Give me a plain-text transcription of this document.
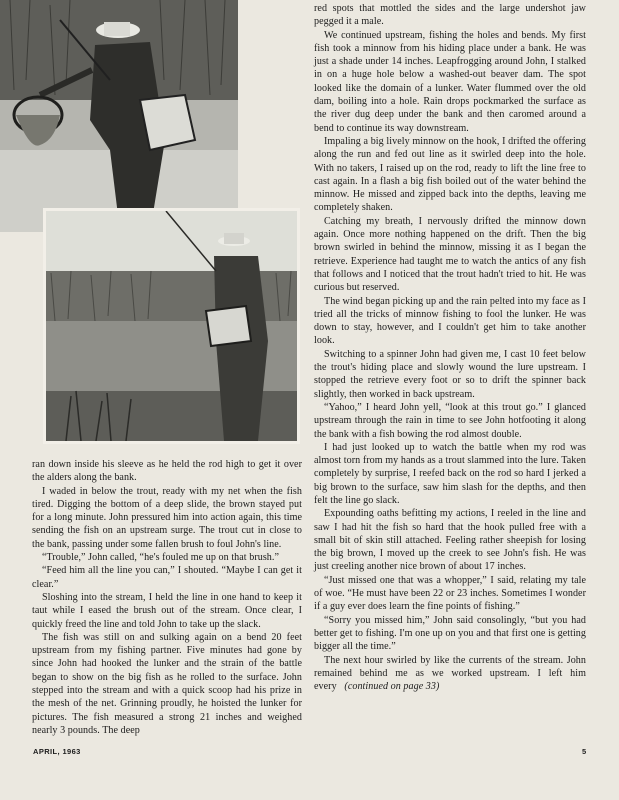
red spots that mottled the sides and the large undershot jaw pegged it a male.

We continued upstream, fishing the holes and bends. My first fish took a minnow from his hiding place under a bank. He was just a shade under 14 inches. Leapfrogging around John, I stalked in on a huge hole below a washed-out beaver dam. The spot looked like the domain of a lunker. Water flummed over the old dam, boiling into a hole. Rain drops pockmarked the surface as the river dug deep under the bank and then caromed around a bend to continue its way downstream.

Impaling a big lively minnow on the hook, I drifted the offering along the run and fed out line as it swirled deep into the hole. With no takers, I raised up on the rod, ready to lift the line free to cast again. In a flash a big fish boiled out of the water behind the minnow. He missed and zipped back into the depths, leaving me completely shaken.

Catching my breath, I nervously drifted the minnow down again. Once more nothing happened on the drift. Then the big brown swirled in behind the minnow, missing it as I began the retrieve. Experience had taught me to watch the antics of any fish that follows and I noticed that the trout hadn't tried to hit. He was curious but reserved.

The wind began picking up and the rain pelted into my face as I tried all the tricks of minnow fishing to fool the lunker. He was down to stay, however, and I couldn't get him to take another look.

Switching to a spinner John had given me, I cast 10 feet below the trout's hiding place and slowly wound the lure upstream. I stopped the retrieve every foot or so to drift the spinner back slightly, then worked in back upstream.

“Yahoo,” I heard John yell, “look at this trout go.” I glanced upstream through the rain in time to see John hotfooting it along the bank with a fish bowing the rod almost double.

I had just looked up to watch the battle when my rod was almost torn from my hands as a trout slammed into the lure. Taken completely by surprise, I reefed back on the rod so hard I jerked a big brown to the surface, saw him slash for the depths, and then felt the line go slack.

Expounding oaths befitting my actions, I reeled in the line and saw I had hit the fish so hard that the hook pulled free with a small bit of skin still attached. Feeling rather sheepish for losing the big brown, I moved up the creek to see John's fish. He was just creeling another nice brown of about 17 inches.

“Just missed one that was a whopper,” I said, relating my tale of woe. “He must have been 22 or 23 inches. Sometimes I wonder if a guy ever does learn the fine points of fishing.”

“Sorry you missed him,” John said consolingly, “but you had better get to fishing. I'm one up on you and that first one is getting bigger all the time.”

The next hour swirled by like the currents of the stream. John remained behind me as we worked upstream. I left him every (continued on page 33)

ran down inside his sleeve as he held the rod high to get it over the alders along the bank.

I waded in below the trout, ready with my net when the fish tired. Digging the bottom of a deep slide, the brown stayed put for a long minute. John pressured him into action again, this time sending the fish on an upstream surge. The trout cut in close to the bank, passing under some fallen brush to foul John's line.

“Trouble,” John called, “he's fouled me up on that brush.”

“Feed him all the line you can,” I shouted. “Maybe I can get it clear.”

Sloshing into the stream, I held the line in one hand to keep it taut while I eased the brush out of the stream. Once clear, I quickly freed the line and told John to take up the slack.

The fish was still on and sulking again on a bend 20 feet upstream from my fishing partner. Five minutes had gone by since John had hooked the lunker and the strain of the battle began to show on the big fish as he rolled to the surface. John stepped into the stream and with a quick scoop had his prize in the mesh of the net. Grinning proudly, he hoisted the lunker for pictures. The fish measured a strong 21 inches and weighed nearly 3 pounds. The deep

APRIL, 1963	5
